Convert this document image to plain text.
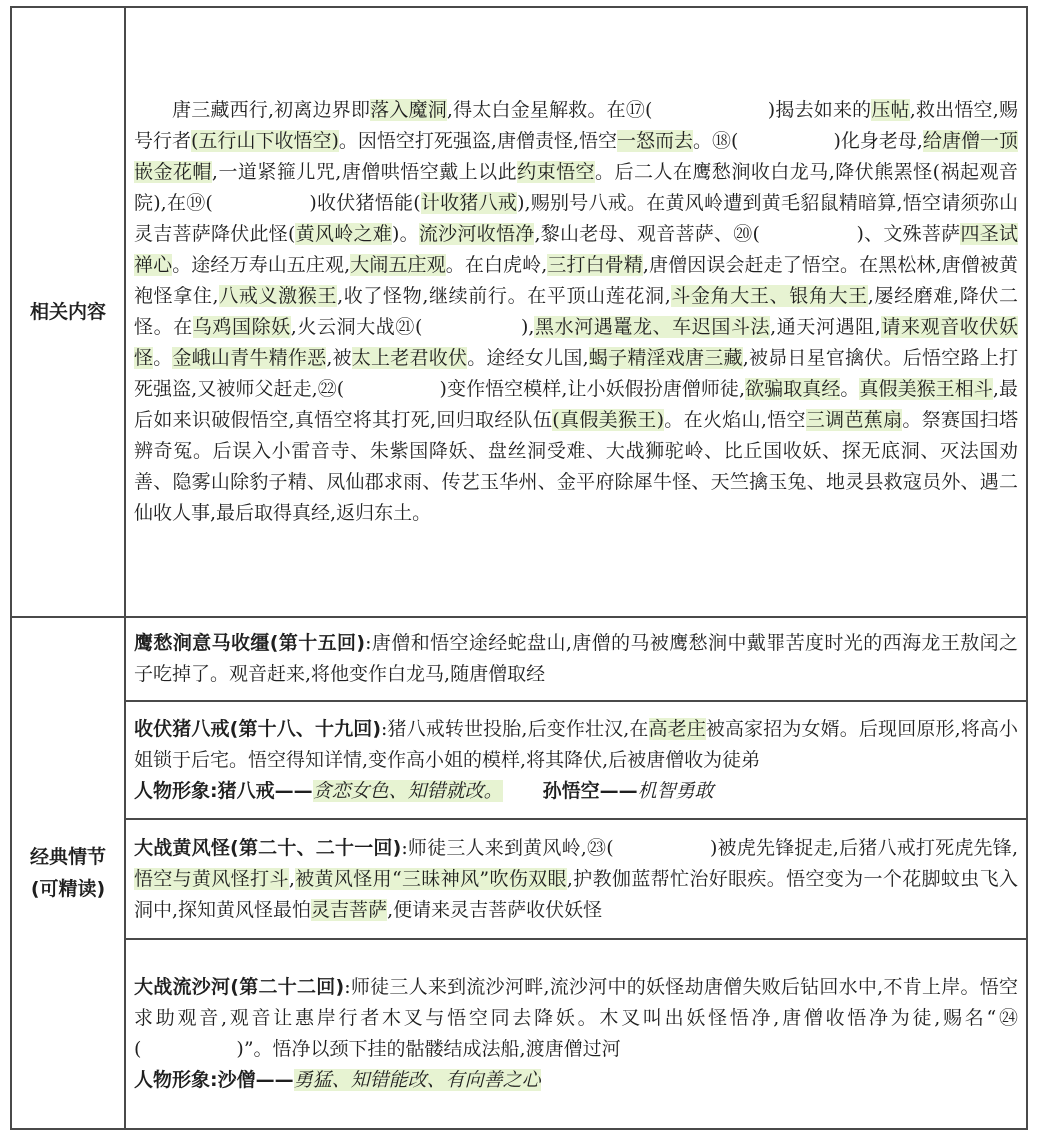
相关内容	唐三藏西行,初离边界即落入魔洞,得太白金星解救。在⑰(　　　　　　)揭去如来的压帖,救出悟空,赐号行者(五行山下收悟空)。因悟空打死强盗,唐僧责怪,悟空一怒而去。⑱(　　　　　)化身老母,给唐僧一顶嵌金花帽,一道紧箍儿咒,唐僧哄悟空戴上以此约束悟空。后二人在鹰愁涧收白龙马,降伏熊罴怪(祸起观音院),在⑲(　　　　　)收伏猪悟能(计收猪八戒),赐别号八戒。在黄风岭遭到黄毛貂鼠精暗算,悟空请须弥山灵吉菩萨降伏此怪(黄风岭之难)。流沙河收悟净,黎山老母、观音菩萨、⑳(　　　　　)、文殊菩萨四圣试禅心。途经万寿山五庄观,大闹五庄观。在白虎岭,三打白骨精,唐僧因误会赶走了悟空。在黑松林,唐僧被黄袍怪拿住,八戒义激猴王,收了怪物,继续前行。在平顶山莲花洞,斗金角大王、银角大王,屡经磨难,降伏二怪。在乌鸡国除妖,火云洞大战㉑(　　　　　),黑水河遇鼍龙、车迟国斗法,通天河遇阻,请来观音收伏妖怪。金峨山青牛精作恶,被太上老君收伏。途经女儿国,蝎子精淫戏唐三藏,被昴日星官擒伏。后悟空路上打死强盗,又被师父赶走,㉒(　　　　　)变作悟空模样,让小妖假扮唐僧师徒,欲骗取真经。真假美猴王相斗,最后如来识破假悟空,真悟空将其打死,回归取经队伍(真假美猴王)。在火焰山,悟空三调芭蕉扇。祭赛国扫塔辨奇冤。后误入小雷音寺、朱紫国降妖、盘丝洞受难、大战狮驼岭、比丘国收妖、探无底洞、灭法国劝善、隐雾山除豹子精、凤仙郡求雨、传艺玉华州、金平府除犀牛怪、天竺擒玉兔、地灵县救寇员外、遇二仙收人事,最后取得真经,返归东土。

经典情节
(可精读)	鹰愁涧意马收缰(第十五回):唐僧和悟空途经蛇盘山,唐僧的马被鹰愁涧中戴罪苦度时光的西海龙王敖闰之子吃掉了。观音赶来,将他变作白龙马,随唐僧取经

	收伏猪八戒(第十八、十九回):猪八戒转世投胎,后变作壮汉,在高老庄被高家招为女婿。后现回原形,将高小姐锁于后宅。悟空得知详情,变作高小姐的模样,将其降伏,后被唐僧收为徒弟
人物形象:猪八戒——贪恋女色、知错就改。 孙悟空——机智勇敢

	大战黄风怪(第二十、二十一回):师徒三人来到黄风岭,㉓(　　　　　)被虎先锋捉走,后猪八戒打死虎先锋,悟空与黄风怪打斗,被黄风怪用“三昧神风”吹伤双眼,护教伽蓝帮忙治好眼疾。悟空变为一个花脚蚊虫飞入洞中,探知黄风怪最怕灵吉菩萨,便请来灵吉菩萨收伏妖怪

	大战流沙河(第二十二回):师徒三人来到流沙河畔,流沙河中的妖怪劫唐僧失败后钻回水中,不肯上岸。悟空求助观音,观音让惠岸行者木叉与悟空同去降妖。木叉叫出妖怪悟净,唐僧收悟净为徒,赐名“㉔(　　　　　)”。悟净以颈下挂的骷髅结成法船,渡唐僧过河
人物形象:沙僧——勇猛、知错能改、有向善之心
